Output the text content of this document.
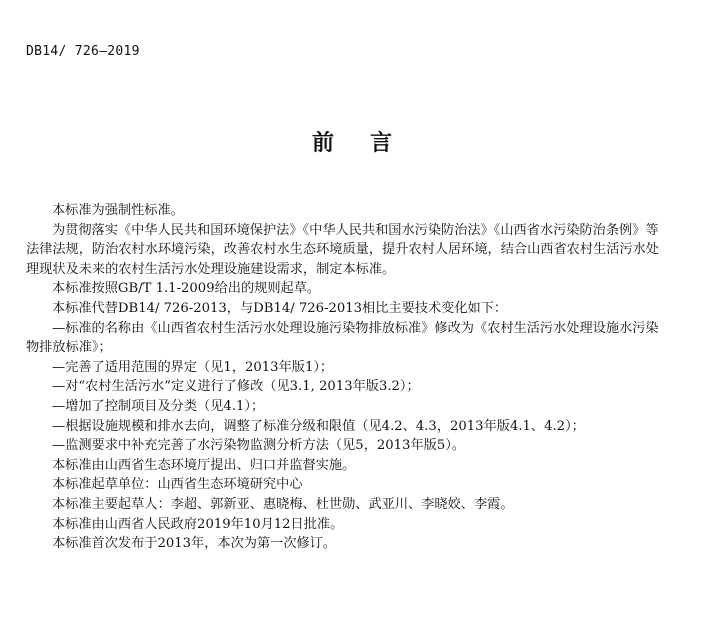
DB14/ 726—2019
前 言

本标准为强制性标准。

为贯彻落实《中华人民共和国环境保护法》《中华人民共和国水污染防治法》《山西省水污染防治条例》等法律法规，防治农村水环境污染，改善农村水生态环境质量，提升农村人居环境，结合山西省农村生活污水处理现状及未来的农村生活污水处理设施建设需求，制定本标准。

本标准按照GB/T 1.1-2009给出的规则起草。

本标准代替DB14/ 726-2013，与DB14/ 726-2013相比主要技术变化如下：

—标准的名称由《山西省农村生活污水处理设施污染物排放标准》修改为《农村生活污水处理设施水污染物排放标准》；

—完善了适用范围的界定（见1，2013年版1）；

—对“农村生活污水”定义进行了修改（见3.1, 2013年版3.2）；

—增加了控制项目及分类（见4.1）；

—根据设施规模和排水去向，调整了标准分级和限值（见4.2、4.3，2013年版4.1、4.2）；

—监测要求中补充完善了水污染物监测分析方法（见5，2013年版5）。

本标准由山西省生态环境厅提出、归口并监督实施。

本标准起草单位：山西省生态环境研究中心

本标准主要起草人：李超、郭新亚、惠晓梅、杜世勋、武亚川、李晓姣、李霞。

本标准由山西省人民政府2019年10月12日批准。

本标准首次发布于2013年，本次为第一次修订。
